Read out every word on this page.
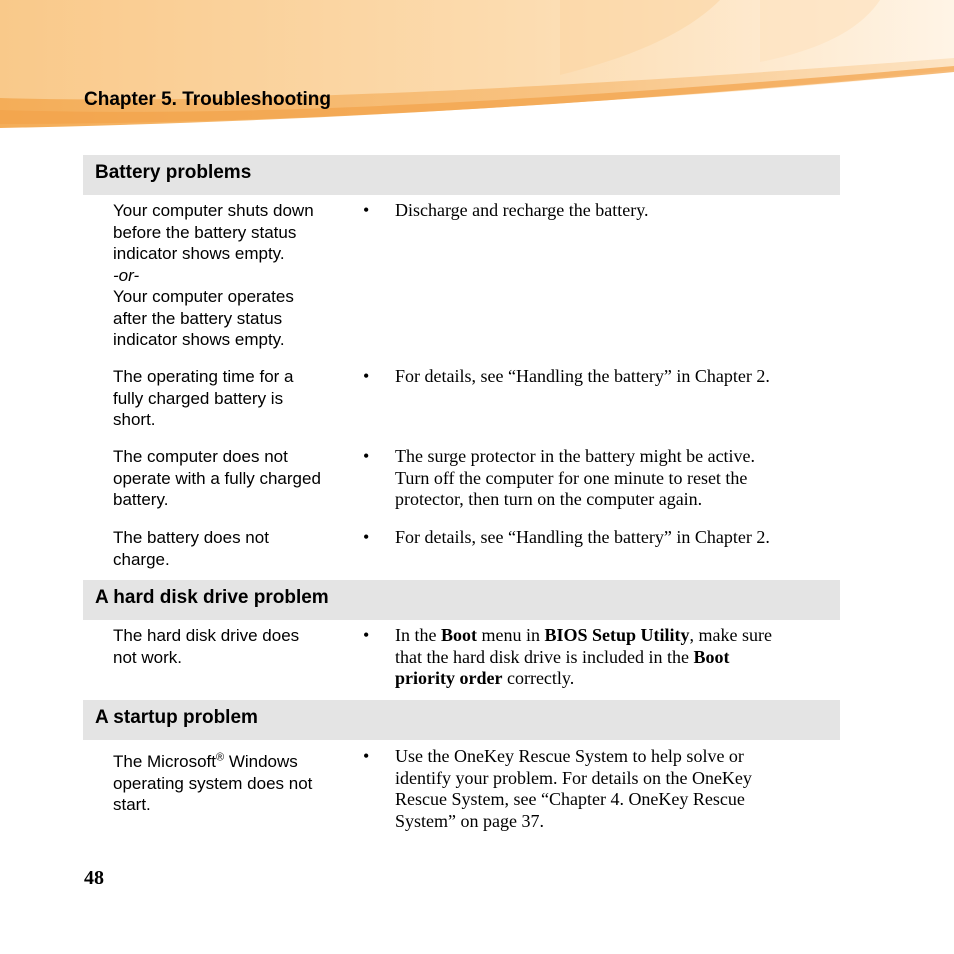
Chapter 5. Troubleshooting
Battery problems
Your computer shuts down
before the battery status
indicator shows empty.
-or-
Your computer operates
after the battery status
indicator shows empty.
• Discharge and recharge the battery.
The operating time for a
fully charged battery is
short.
• For details, see “Handling the battery” in Chapter 2.
The computer does not
operate with a fully charged
battery.
• The surge protector in the battery might be active.
Turn off the computer for one minute to reset the
protector, then turn on the computer again.
The battery does not
charge.
• For details, see “Handling the battery” in Chapter 2.
A hard disk drive problem
The hard disk drive does
not work.
• In the Boot menu in BIOS Setup Utility, make sure
that the hard disk drive is included in the Boot
priority order correctly.
A startup problem
The Microsoft® Windows
operating system does not
start.
• Use the OneKey Rescue System to help solve or
identify your problem. For details on the OneKey
Rescue System, see “Chapter 4. OneKey Rescue
System” on page 37.
48
